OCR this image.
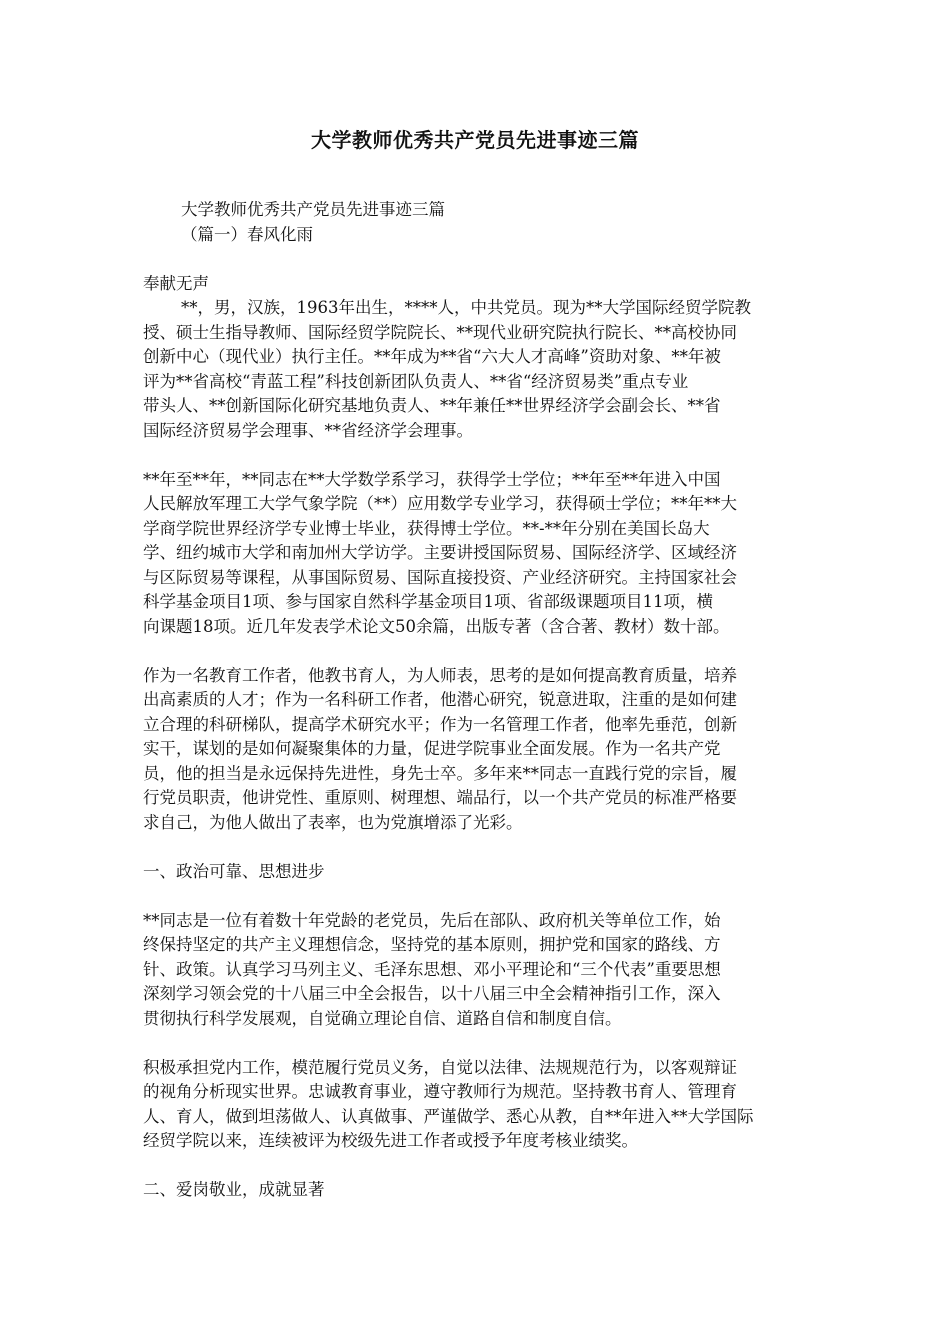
大学教师优秀共产党员先进事迹三篇
大学教师优秀共产党员先进事迹三篇
（篇一）春风化雨
奉献无声
**，男，汉族，1963年出生，****人，中共党员。现为**大学国际经贸学院教
授、硕士生指导教师、国际经贸学院院长、**现代业研究院执行院长、**高校协同
创新中心（现代业）执行主任。**年成为**省“六大人才高峰”资助对象、**年被
评为**省高校“青蓝工程”科技创新团队负责人、**省“经济贸易类”重点专业
带头人、**创新国际化研究基地负责人、**年兼任**世界经济学会副会长、**省
国际经济贸易学会理事、**省经济学会理事。
**年至**年，**同志在**大学数学系学习，获得学士学位；**年至**年进入中国
人民解放军理工大学气象学院（**）应用数学专业学习，获得硕士学位；**年**大
学商学院世界经济学专业博士毕业，获得博士学位。**-**年分别在美国长岛大
学、纽约城市大学和南加州大学访学。主要讲授国际贸易、国际经济学、区域经济
与区际贸易等课程，从事国际贸易、国际直接投资、产业经济研究。主持国家社会
科学基金项目1项、参与国家自然科学基金项目1项、省部级课题项目11项，横
向课题18项。近几年发表学术论文50余篇，出版专著（含合著、教材）数十部。
作为一名教育工作者，他教书育人，为人师表，思考的是如何提高教育质量，培养
出高素质的人才；作为一名科研工作者，他潜心研究，锐意进取，注重的是如何建
立合理的科研梯队，提高学术研究水平；作为一名管理工作者，他率先垂范，创新
实干，谋划的是如何凝聚集体的力量，促进学院事业全面发展。作为一名共产党
员，他的担当是永远保持先进性，身先士卒。多年来**同志一直践行党的宗旨，履
行党员职责，他讲党性、重原则、树理想、端品行，以一个共产党员的标准严格要
求自己，为他人做出了表率，也为党旗增添了光彩。
一、政治可靠、思想进步
**同志是一位有着数十年党龄的老党员，先后在部队、政府机关等单位工作，始
终保持坚定的共产主义理想信念，坚持党的基本原则，拥护党和国家的路线、方
针、政策。认真学习马列主义、毛泽东思想、邓小平理论和“三个代表”重要思想
深刻学习领会党的十八届三中全会报告，以十八届三中全会精神指引工作，深入
贯彻执行科学发展观，自觉确立理论自信、道路自信和制度自信。
积极承担党内工作，模范履行党员义务，自觉以法律、法规规范行为，以客观辩证
的视角分析现实世界。忠诚教育事业，遵守教师行为规范。坚持教书育人、管理育
人、育人，做到坦荡做人、认真做事、严谨做学、悉心从教，自**年进入**大学国际
经贸学院以来，连续被评为校级先进工作者或授予年度考核业绩奖。
二、爱岗敬业，成就显著
